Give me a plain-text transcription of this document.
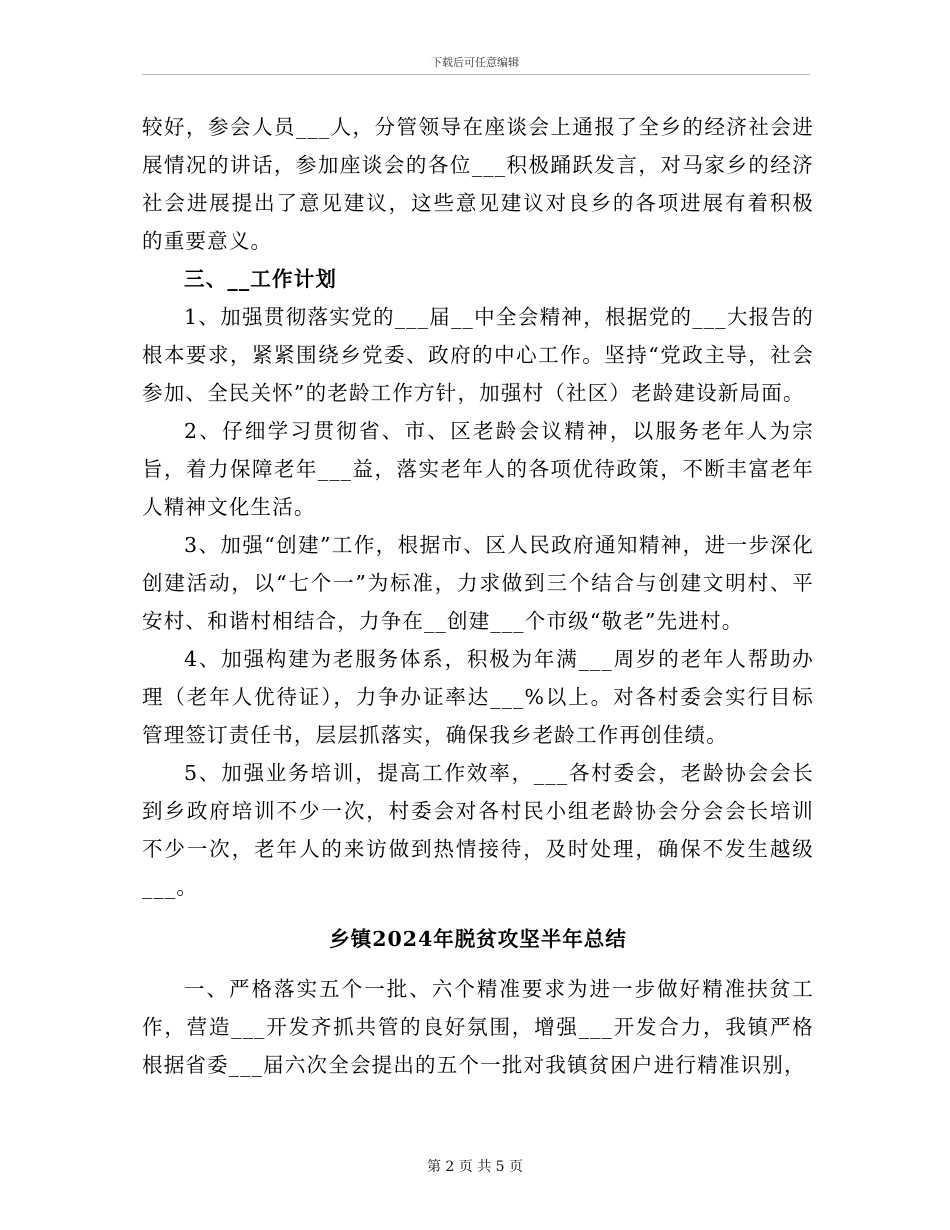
下载后可任意编辑

较好，参会人员___人，分管领导在座谈会上通报了全乡的经济社会进展情况的讲话，参加座谈会的各位___积极踊跃发言，对马家乡的经济社会进展提出了意见建议，这些意见建议对良乡的各项进展有着积极的重要意义。

三、__工作计划

1、加强贯彻落实党的___届__中全会精神，根据党的___大报告的根本要求，紧紧围绕乡党委、政府的中心工作。坚持“党政主导，社会参加、全民关怀”的老龄工作方针，加强村（社区）老龄建设新局面。

2、仔细学习贯彻省、市、区老龄会议精神，以服务老年人为宗旨，着力保障老年___益，落实老年人的各项优待政策，不断丰富老年人精神文化生活。

3、加强“创建”工作，根据市、区人民政府通知精神，进一步深化创建活动，以“七个一”为标准，力求做到三个结合与创建文明村、平安村、和谐村相结合，力争在__创建___个市级“敬老”先进村。

4、加强构建为老服务体系，积极为年满___周岁的老年人帮助办理（老年人优待证），力争办证率达___%以上。对各村委会实行目标管理签订责任书，层层抓落实，确保我乡老龄工作再创佳绩。

5、加强业务培训，提高工作效率，___各村委会，老龄协会会长到乡政府培训不少一次，村委会对各村民小组老龄协会分会会长培训不少一次，老年人的来访做到热情接待，及时处理，确保不发生越级___。

乡镇2024年脱贫攻坚半年总结

一、严格落实五个一批、六个精准要求为进一步做好精准扶贫工作，营造___开发齐抓共管的良好氛围，增强___开发合力，我镇严格根据省委___届六次全会提出的五个一批对我镇贫困户进行精准识别，

第 2 页 共 5 页
